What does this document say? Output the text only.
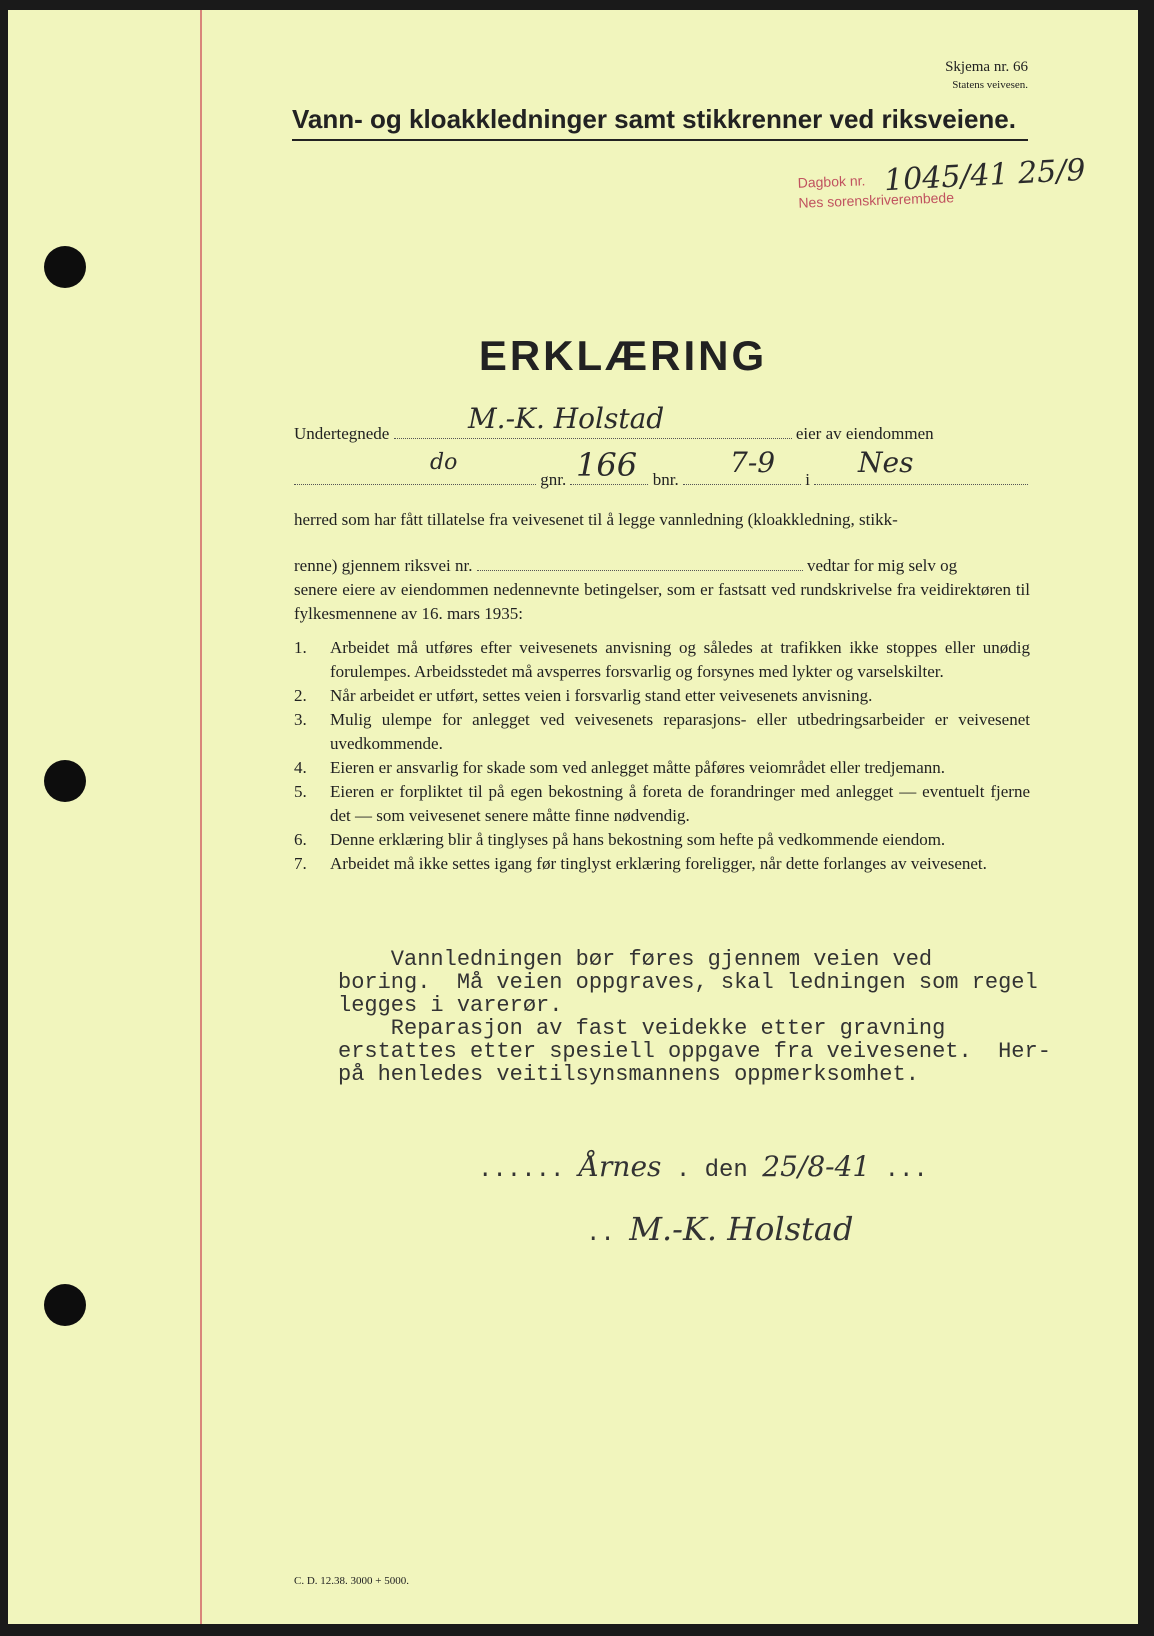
Skjema nr. 66
Statens veivesen.
Vann- og kloakkledninger samt stikkrenner ved riksveiene.
Dagbok nr.
Nes sorenskriverembede
1045/41 25/9
ERKLÆRING
Undertegnede	eier av eiendommen
M.-K. Holstad
gnr.	bnr.	i
do	166	7-9	Nes
herred som har fått tillatelse fra veivesenet til å legge vannledning (kloakkledning, stikk-
renne) gjennem riksvei nr.	vedtar for mig selv og
senere eiere av eiendommen nedennevnte betingelser, som er fastsatt ved rundskrivelse fra veidirektøren til fylkesmennene av 16. mars 1935:
1. Arbeidet må utføres efter veivesenets anvisning og således at trafikken ikke stoppes eller unødig forulempes. Arbeidsstedet må avsperres forsvarlig og forsynes med lykter og varselskilter.
2. Når arbeidet er utført, settes veien i forsvarlig stand etter veivesenets anvisning.
3. Mulig ulempe for anlegget ved veivesenets reparasjons- eller utbedringsarbeider er veivesenet uvedkommende.
4. Eieren er ansvarlig for skade som ved anlegget måtte påføres veiområdet eller tredjemann.
5. Eieren er forpliktet til på egen bekostning å foreta de forandringer med anlegget — eventuelt fjerne det — som veivesenet senere måtte finne nødvendig.
6. Denne erklæring blir å tinglyses på hans bekostning som hefte på vedkommende eiendom.
7. Arbeidet må ikke settes igang før tinglyst erklæring foreligger, når dette forlanges av veivesenet.
Vannledningen bør føres gjennem veien ved
boring.  Må veien oppgraves, skal ledningen som regel
legges i varerør.
Reparasjon av fast veidekke etter gravning
erstattes etter spesiell oppgave fra veivesenet.  Her-
på henledes veitilsynsmannens oppmerksomhet.
...... Årnes . den 25/8-41 ...
.. M.-K. Holstad
C. D. 12.38. 3000 + 5000.
